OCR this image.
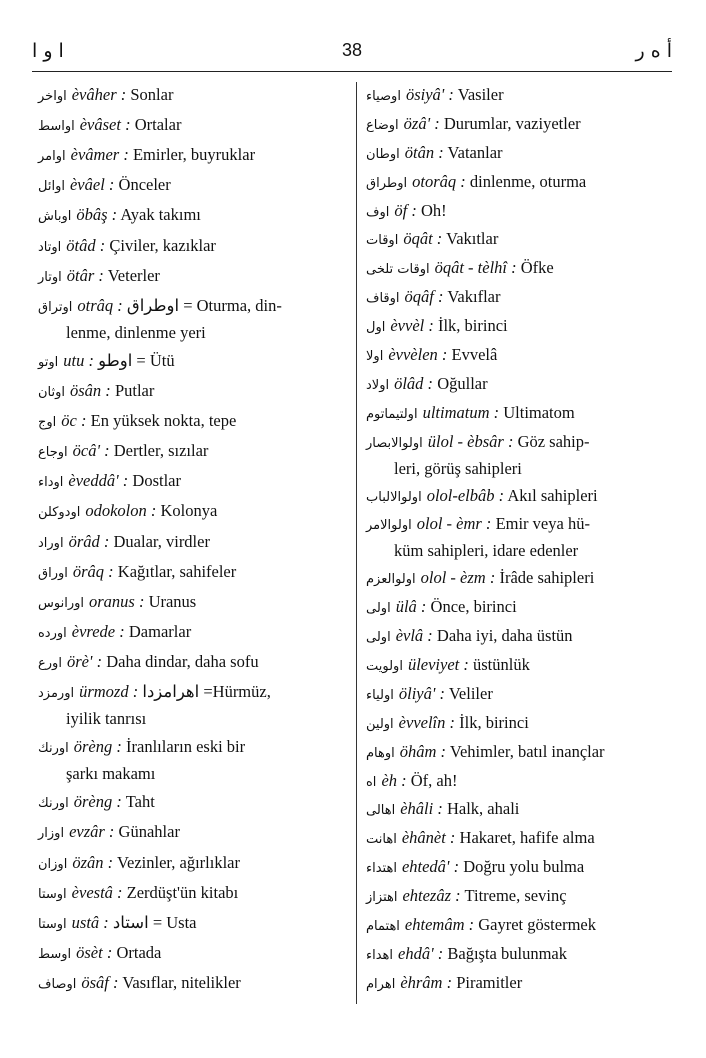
ا و ا	38	أ ه ر
اواخر èvâher : Sonlar
اواسط èvâset : Ortalar
اوامر èvâmer : Emirler, buyruklar
اوائل èvâel : Önceler
اوباش öbâş : Ayak takımı
اوتاد ötâd : Çiviler, kazıklar
اوتار ötâr : Veterler
اوتراق otrâq : اوطراق = Oturma, din-
lenme, dinlenme yeri
اوتو utu : اوطو = Ütü
اوثان ösân : Putlar
اوج öc : En yüksek nokta, tepe
اوجاع öcâ' : Dertler, sızılar
اوداء èveddâ' : Dostlar
اودوكلن odokolon : Kolonya
اوراد örâd : Dualar, virdler
اوراق örâq : Kağıtlar, sahifeler
اورانوس oranus : Uranus
اورده èvrede : Damarlar
اورع örè' : Daha dindar, daha sofu
اورمزد ürmozd : اهرامزدا =Hürmüz,
iyilik tanrısı
اورنك örèng : İranlıların eski bir
şarkı makamı
اورنك örèng : Taht
اوزار evzâr : Günahlar
اوزان özân : Vezinler, ağırlıklar
اوستا èvestâ : Zerdüşt'ün kitabı
اوستا ustâ : استاد = Usta
اوسط ösèt : Ortada
اوصاف ösâf : Vasıflar, nitelikler
اوصياء ösiyâ' : Vasiler
اوضاع özâ' : Durumlar, vaziyetler
اوطان ötân : Vatanlar
اوطراق otorâq : dinlenme, oturma
اوف öf : Oh!
اوقات öqât : Vakıtlar
اوقات تلخى öqât - tèlhî : Öfke
اوقاف öqâf : Vakıflar
اول èvvèl : İlk, birinci
اولا èvvèlen : Evvelâ
اولاد ölâd : Oğullar
اولتيماتوم ultimatum : Ultimatom
اولوالابصار ülol - èbsâr : Göz sahip-
leri, görüş sahipleri
اولوالالباب olol-elbâb : Akıl sahipleri
اولوالامر olol - èmr : Emir veya hü-
küm sahipleri, idare edenler
اولوالعزم olol - èzm : İrâde sahipleri
اولى ülâ : Önce, birinci
اولى èvlâ : Daha iyi, daha üstün
اولويت üleviyet : üstünlük
اولياء öliyâ' : Veliler
اولين èvvelîn : İlk, birinci
اوهام öhâm : Vehimler, batıl inançlar
اه èh : Öf, ah!
اهالى èhâli : Halk, ahali
اهانت èhânèt : Hakaret, hafife alma
اهتداء ehtedâ' : Doğru yolu bulma
اهتزاز ehtezâz : Titreme, sevinç
اهتمام ehtemâm : Gayret göstermek
اهداء ehdâ' : Bağışta bulunmak
اهرام èhrâm : Piramitler
